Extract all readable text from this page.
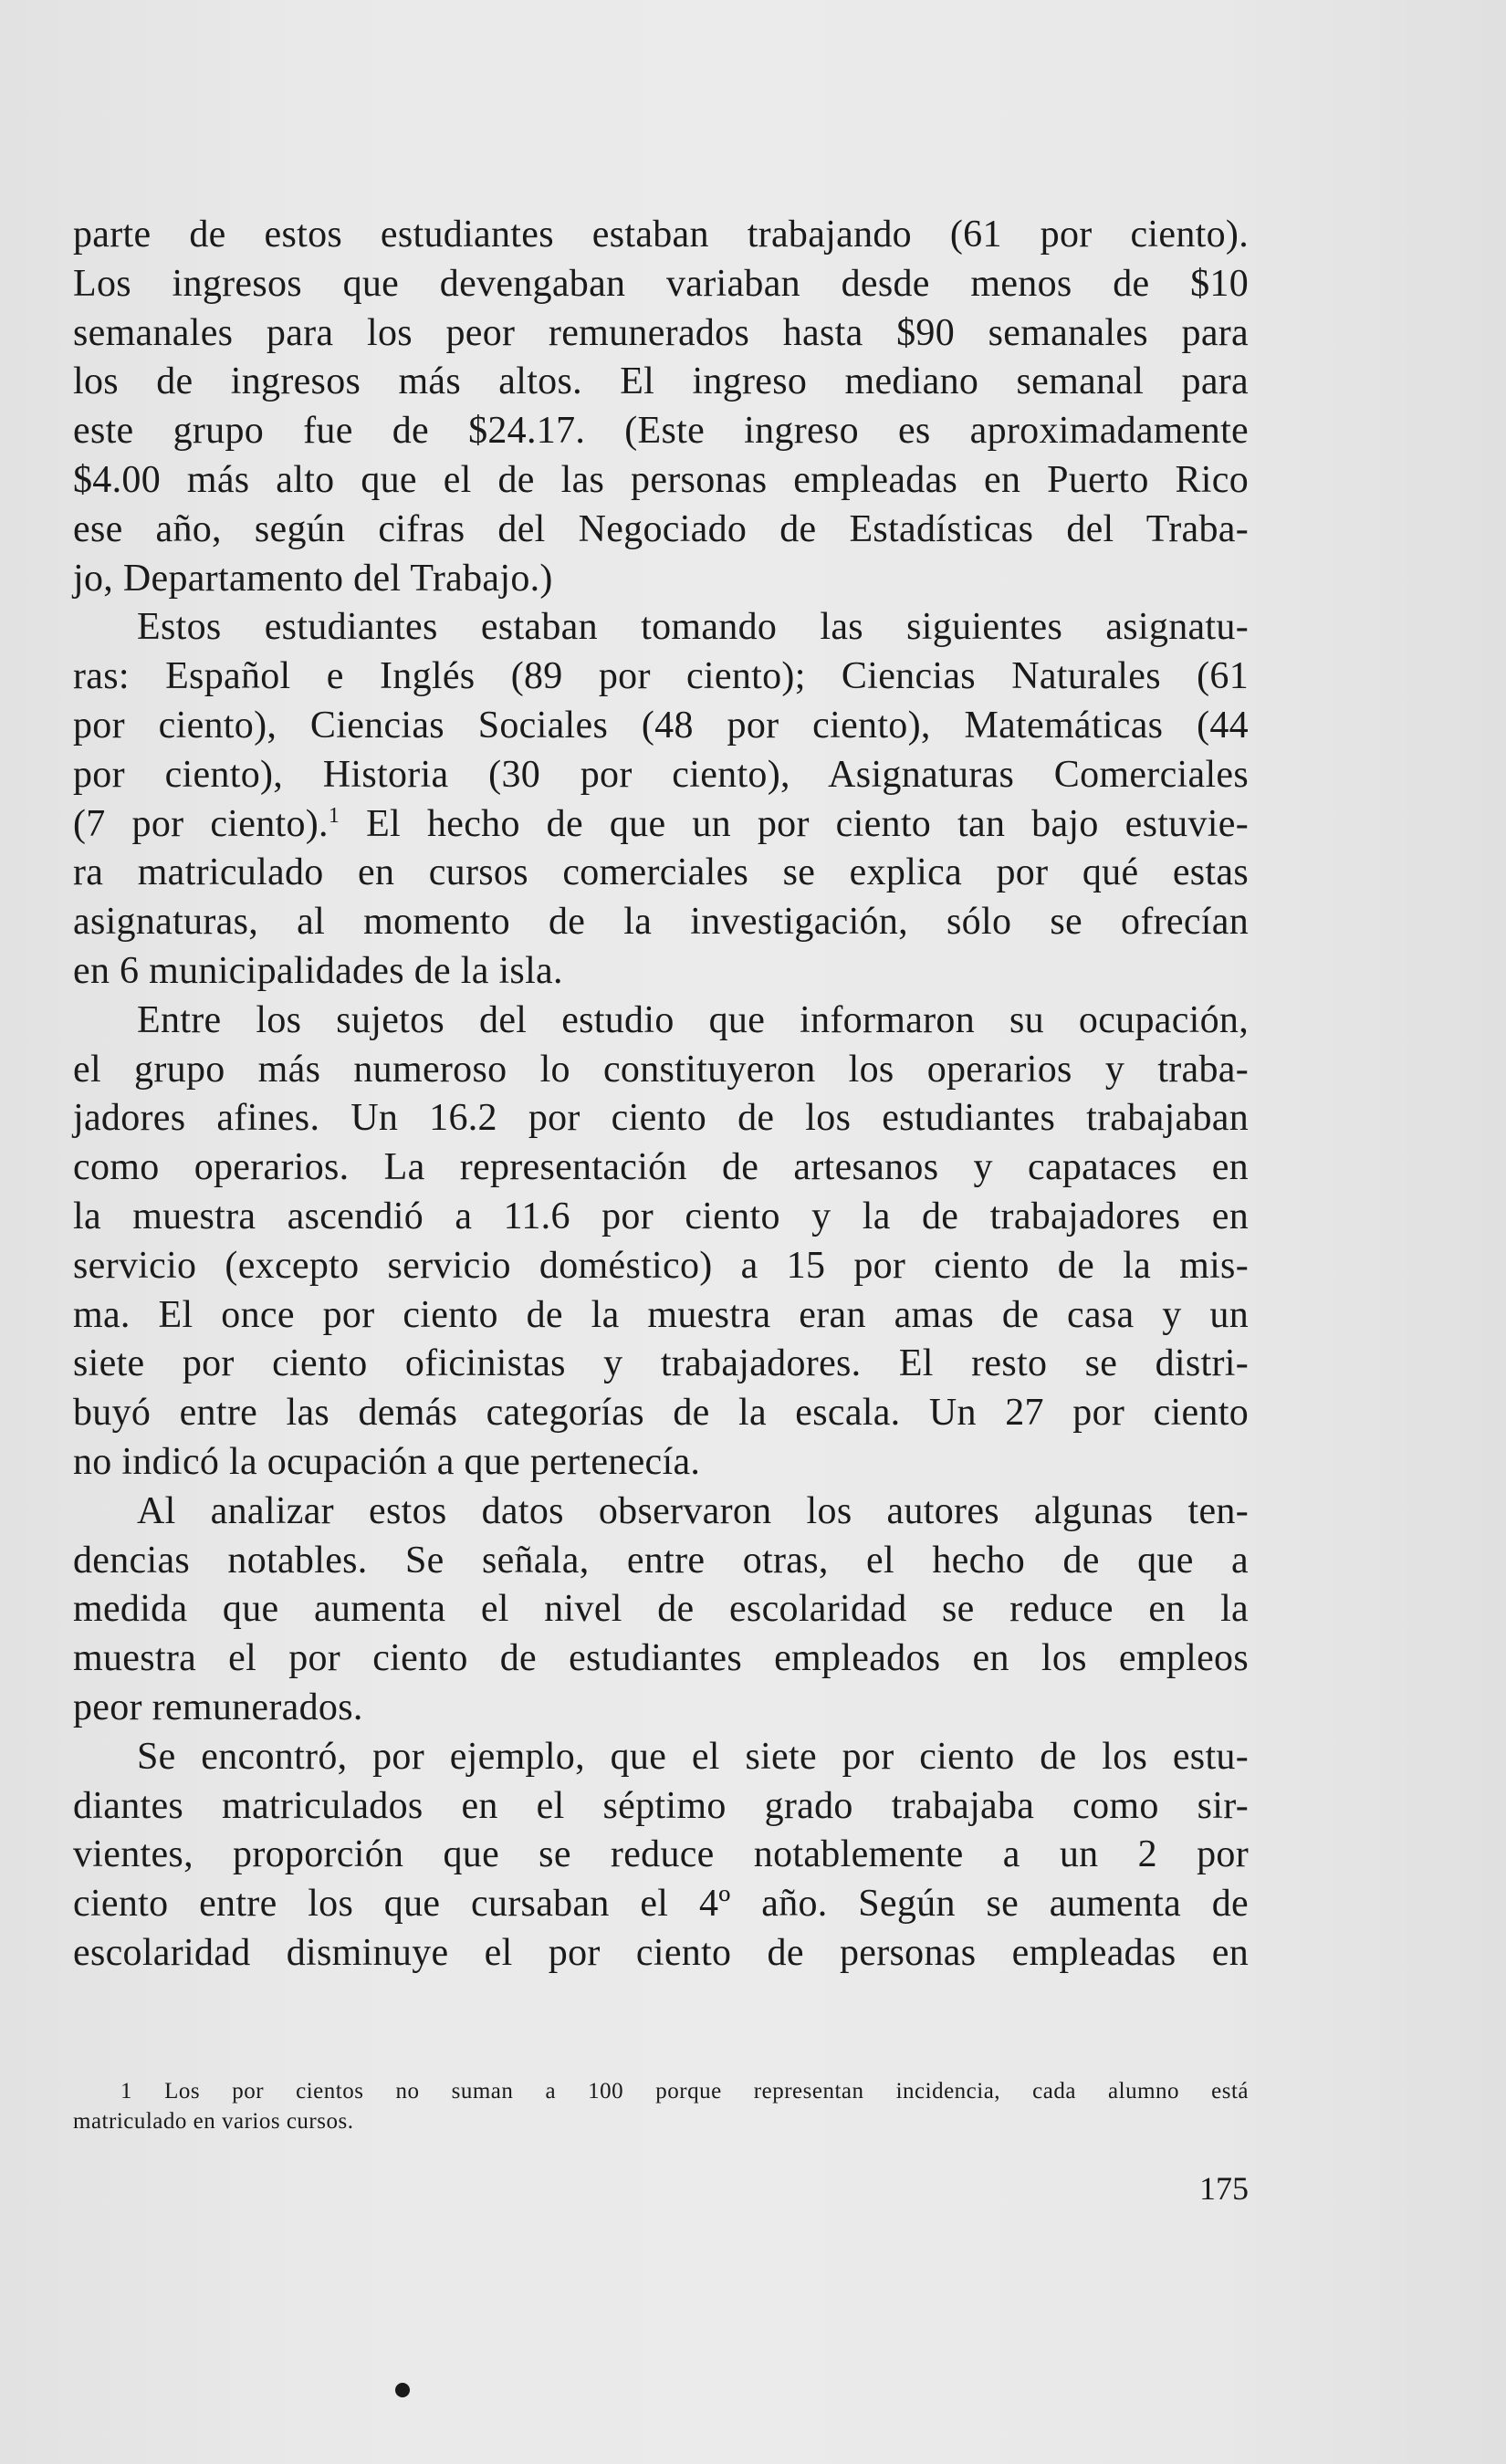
parte de estos estudiantes estaban trabajando (61 por ciento).
Los ingresos que devengaban variaban desde menos de $10
semanales para los peor remunerados hasta $90 semanales para
los de ingresos más altos. El ingreso mediano semanal para
este grupo fue de $24.17. (Este ingreso es aproximadamente
$4.00 más alto que el de las personas empleadas en Puerto Rico
ese año, según cifras del Negociado de Estadísticas del Traba-
jo, Departamento del Trabajo.)
Estos estudiantes estaban tomando las siguientes asignatu-
ras: Español e Inglés (89 por ciento); Ciencias Naturales (61
por ciento), Ciencias Sociales (48 por ciento), Matemáticas (44
por ciento), Historia (30 por ciento), Asignaturas Comerciales
(7 por ciento).$^1$ El hecho de que un por ciento tan bajo estuvie-
ra matriculado en cursos comerciales se explica por qué estas
asignaturas, al momento de la investigación, sólo se ofrecían
en 6 municipalidades de la isla.
Entre los sujetos del estudio que informaron su ocupación,
el grupo más numeroso lo constituyeron los operarios y traba-
jadores afines. Un 16.2 por ciento de los estudiantes trabajaban
como operarios. La representación de artesanos y capataces en
la muestra ascendió a 11.6 por ciento y la de trabajadores en
servicio (excepto servicio doméstico) a 15 por ciento de la mis-
ma. El once por ciento de la muestra eran amas de casa y un
siete por ciento oficinistas y trabajadores. El resto se distri-
buyó entre las demás categorías de la escala. Un 27 por ciento
no indicó la ocupación a que pertenecía.
Al analizar estos datos observaron los autores algunas ten-
dencias notables. Se señala, entre otras, el hecho de que a
medida que aumenta el nivel de escolaridad se reduce en la
muestra el por ciento de estudiantes empleados en los empleos
peor remunerados.
Se encontró, por ejemplo, que el siete por ciento de los estu-
diantes matriculados en el séptimo grado trabajaba como sir-
vientes, proporción que se reduce notablemente a un 2 por
ciento entre los que cursaban el 4º año. Según se aumenta de
escolaridad disminuye el por ciento de personas empleadas en
1 Los por cientos no suman a 100 porque representan incidencia, cada alumno está
matriculado en varios cursos.
175
